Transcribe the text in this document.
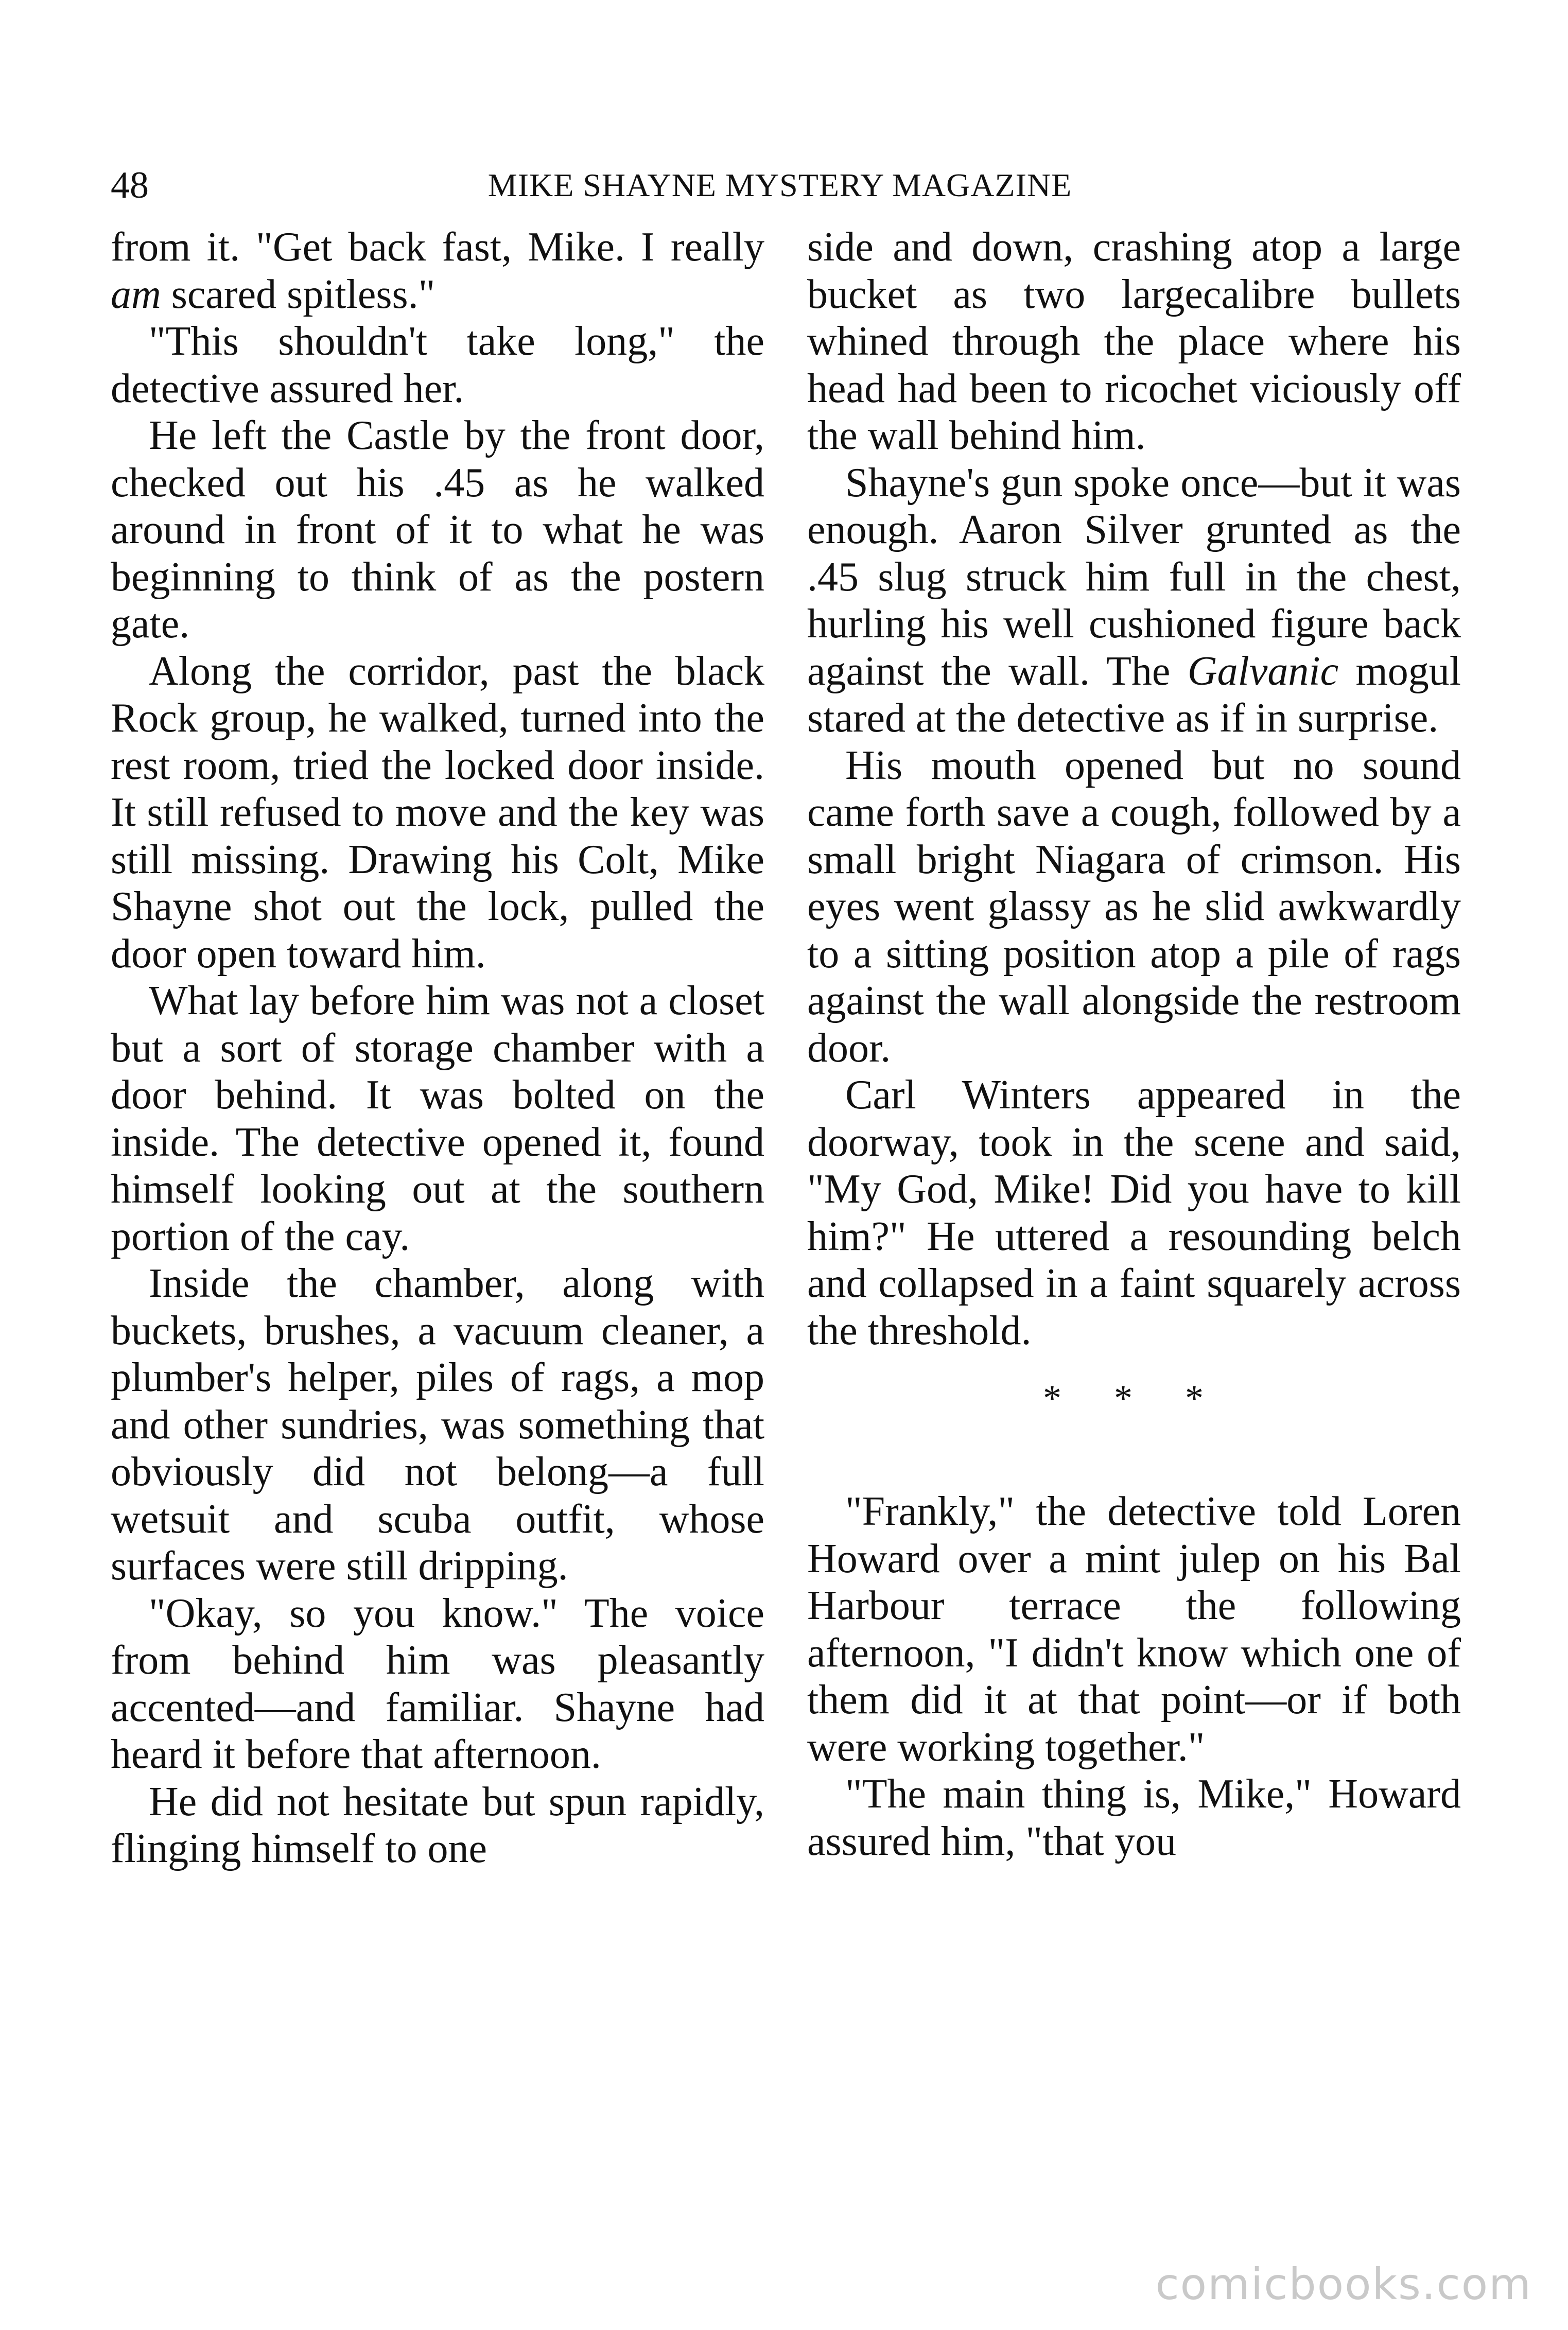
48	MIKE SHAYNE MYSTERY MAGAZINE

from it. "Get back fast, Mike. I really am scared spitless."

"This shouldn't take long," the detective assured her.

He left the Castle by the front door, checked out his .45 as he walked around in front of it to what he was beginning to think of as the postern gate.

Along the corridor, past the black Rock group, he walked, turned into the rest room, tried the locked door inside. It still refused to move and the key was still missing. Drawing his Colt, Mike Shayne shot out the lock, pulled the door open toward him.

What lay before him was not a closet but a sort of storage chamber with a door behind. It was bolted on the inside. The detective opened it, found himself looking out at the southern portion of the cay.

Inside the chamber, along with buckets, brushes, a vacuum cleaner, a plumber's helper, piles of rags, a mop and other sundries, was something that obviously did not belong—a full wetsuit and scuba outfit, whose surfaces were still dripping.

"Okay, so you know." The voice from behind him was pleasantly accented—and familiar. Shayne had heard it before that afternoon.

He did not hesitate but spun rapidly, flinging himself to one

side and down, crashing atop a large bucket as two largecalibre bullets whined through the place where his head had been to ricochet viciously off the wall behind him.

Shayne's gun spoke once—but it was enough. Aaron Silver grunted as the .45 slug struck him full in the chest, hurling his well cushioned figure back against the wall. The Galvanic mogul stared at the detective as if in surprise.

His mouth opened but no sound came forth save a cough, followed by a small bright Niagara of crimson. His eyes went glassy as he slid awkwardly to a sitting position atop a pile of rags against the wall alongside the restroom door.

Carl Winters appeared in the doorway, took in the scene and said, "My God, Mike! Did you have to kill him?" He uttered a resounding belch and collapsed in a faint squarely across the threshold.

* * *

"Frankly," the detective told Loren Howard over a mint julep on his Bal Harbour terrace the following afternoon, "I didn't know which one of them did it at that point—or if both were working together."

"The main thing is, Mike," Howard assured him, "that you

comicbooks.com
